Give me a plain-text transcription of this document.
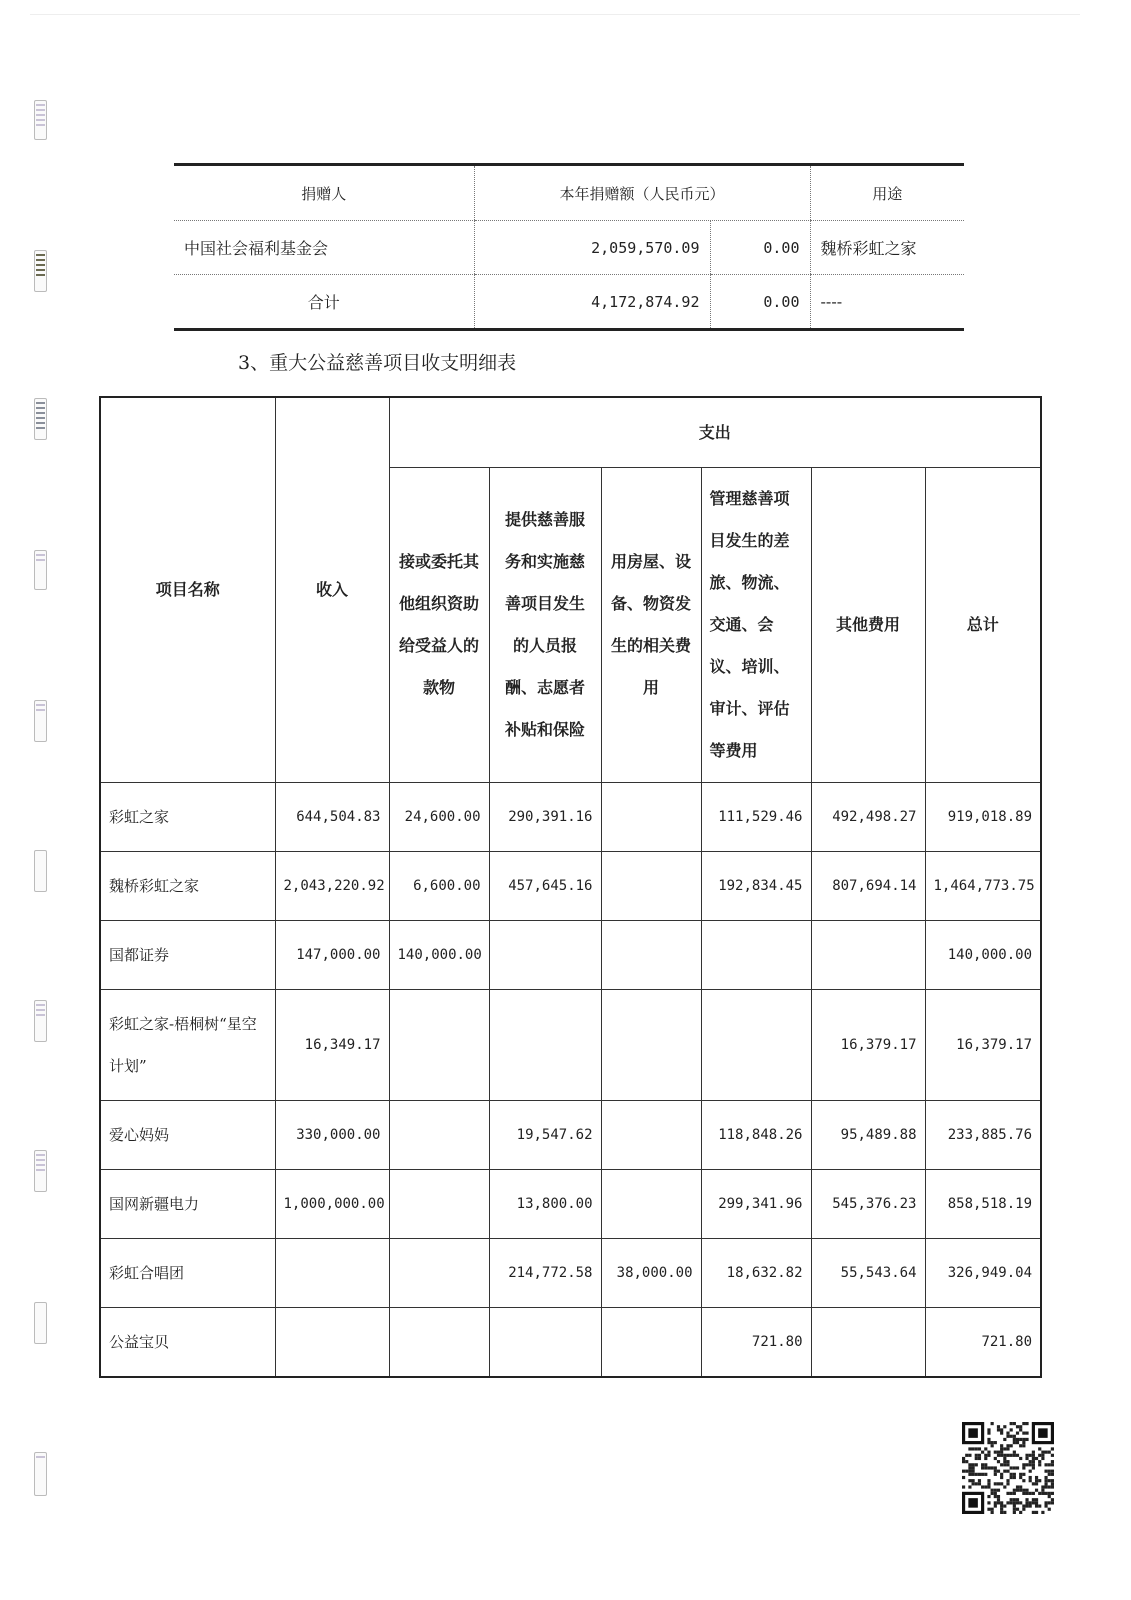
捐赠人	本年捐赠额（人民币元）		用途
中国社会福利基金会	2,059,570.09	0.00	魏桥彩虹之家
合计	4,172,874.92	0.00	----
3、重大公益慈善项目收支明细表
项目名称	收入	支出					
		接或委托其他组织资助给受益人的款物	提供慈善服务和实施慈善项目发生的人员报酬、志愿者补贴和保险	用房屋、设备、物资发生的相关费用	管理慈善项目发生的差旅、物流、交通、会议、培训、审计、评估等费用	其他费用	总计
彩虹之家	644,504.83	24,600.00	290,391.16		111,529.46	492,498.27	919,018.89
魏桥彩虹之家	2,043,220.92	6,600.00	457,645.16		192,834.45	807,694.14	1,464,773.75
国都证券	147,000.00	140,000.00					140,000.00
彩虹之家-梧桐树“星空计划”	16,349.17					16,379.17	16,379.17
爱心妈妈	330,000.00		19,547.62		118,848.26	95,489.88	233,885.76
国网新疆电力	1,000,000.00		13,800.00		299,341.96	545,376.23	858,518.19
彩虹合唱团			214,772.58	38,000.00	18,632.82	55,543.64	326,949.04
公益宝贝					721.80		721.80
